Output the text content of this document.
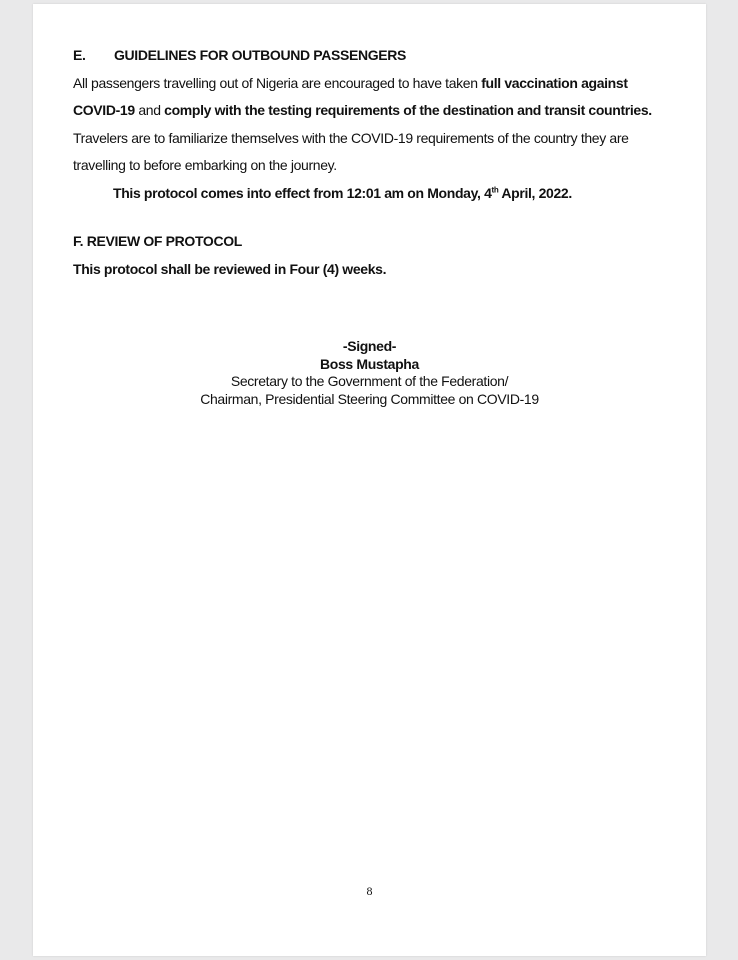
E. GUIDELINES FOR OUTBOUND PASSENGERS

All passengers travelling out of Nigeria are encouraged to have taken full vaccination against COVID-19 and comply with the testing requirements of the destination and transit countries. Travelers are to familiarize themselves with the COVID-19 requirements of the country they are travelling to before embarking on the journey.

This protocol comes into effect from 12:01 am on Monday, 4th April, 2022.

F. REVIEW OF PROTOCOL

This protocol shall be reviewed in Four (4) weeks.

-Signed-
Boss Mustapha
Secretary to the Government of the Federation/
Chairman, Presidential Steering Committee on COVID-19
8
